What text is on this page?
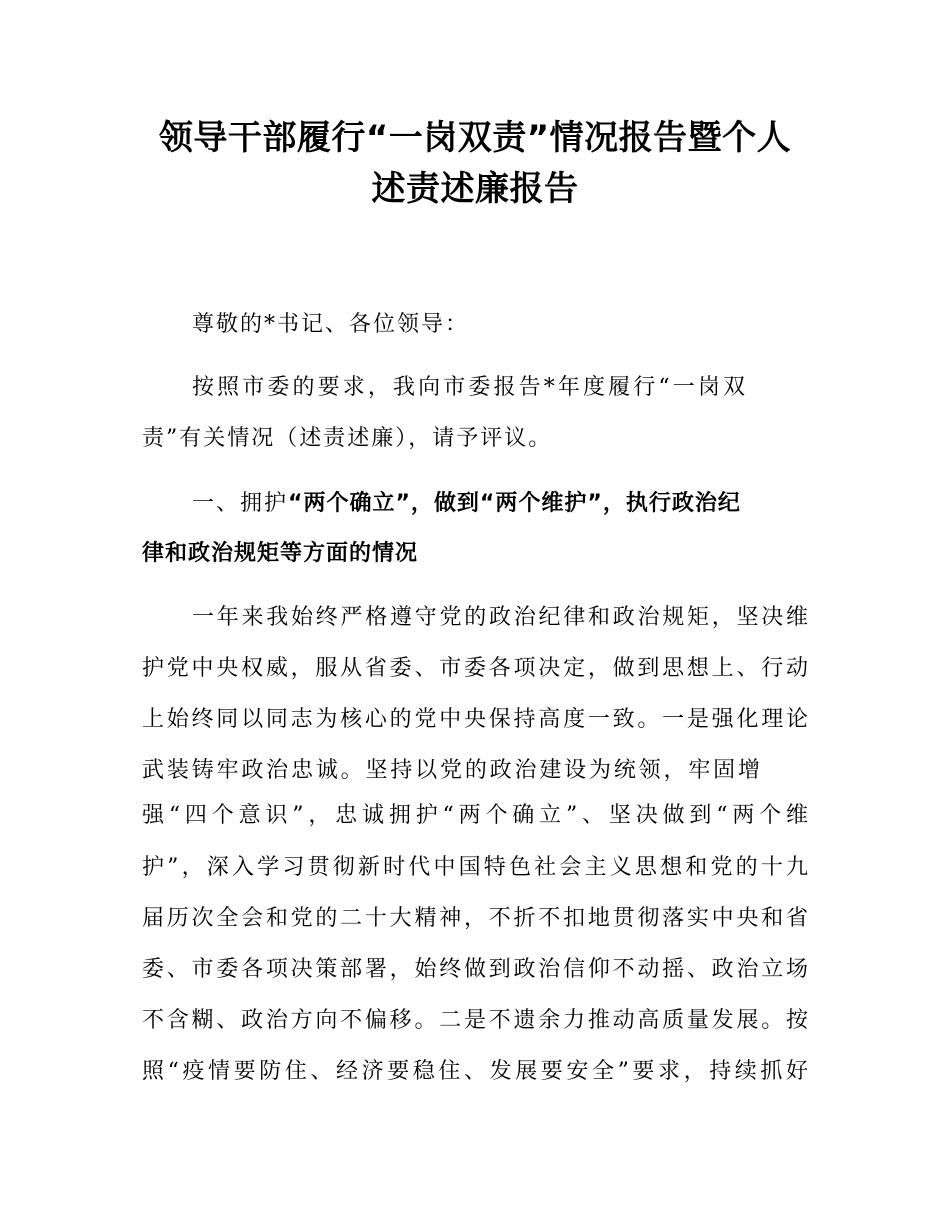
领导干部履行“一岗双责”情况报告暨个人
述责述廉报告
尊敬的*书记、各位领导：
按照市委的要求，我向市委报告*年度履行“一岗双
责”有关情况（述责述廉），请予评议。
一、拥护“两个确立”，做到“两个维护”，执行政治纪
律和政治规矩等方面的情况
一年来我始终严格遵守党的政治纪律和政治规矩，坚决维
护党中央权威，服从省委、市委各项决定，做到思想上、行动
上始终同以同志为核心的党中央保持高度一致。一是强化理论
武装铸牢政治忠诚。坚持以党的政治建设为统领，牢固增
强“四个意识”，忠诚拥护“两个确立”、坚决做到“两个维
护”，深入学习贯彻新时代中国特色社会主义思想和党的十九
届历次全会和党的二十大精神，不折不扣地贯彻落实中央和省
委、市委各项决策部署，始终做到政治信仰不动摇、政治立场
不含糊、政治方向不偏移。二是不遗余力推动高质量发展。按
照“疫情要防住、经济要稳住、发展要安全”要求，持续抓好
